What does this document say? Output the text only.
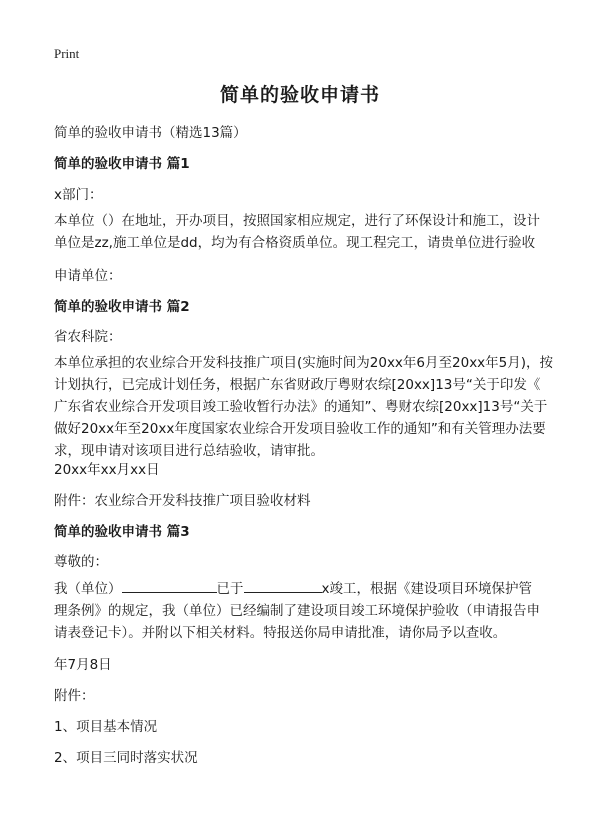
Print
简单的验收申请书
简单的验收申请书（精选13篇）
简单的验收申请书 篇1
x部门：
本单位（）在地址，开办项目，按照国家相应规定，进行了环保设计和施工，设计
单位是zz,施工单位是dd，均为有合格资质单位。现工程完工，请贵单位进行验收
申请单位：
简单的验收申请书 篇2
省农科院：
本单位承担的农业综合开发科技推广项目(实施时间为20xx年6月至20xx年5月)，按
计划执行，已完成计划任务，根据广东省财政厅粤财农综[20xx]13号“关于印发《
广东省农业综合开发项目竣工验收暂行办法》的通知”、粤财农综[20xx]13号“关于
做好20xx年至20xx年度国家农业综合开发项目验收工作的通知”和有关管理办法要
求，现申请对该项目进行总结验收，请审批。
20xx年xx月xx日
附件：农业综合开发科技推广项目验收材料
简单的验收申请书 篇3
尊敬的：
我（单位）	已于	x竣工，根据《建设项目环境保护管
理条例》的规定，我（单位）已经编制了建设项目竣工环境保护验收（申请报告申
请表登记卡）。并附以下相关材料。特报送你局申请批准，请你局予以查收。
年7月8日
附件：
1、项目基本情况
2、项目三同时落实状况
